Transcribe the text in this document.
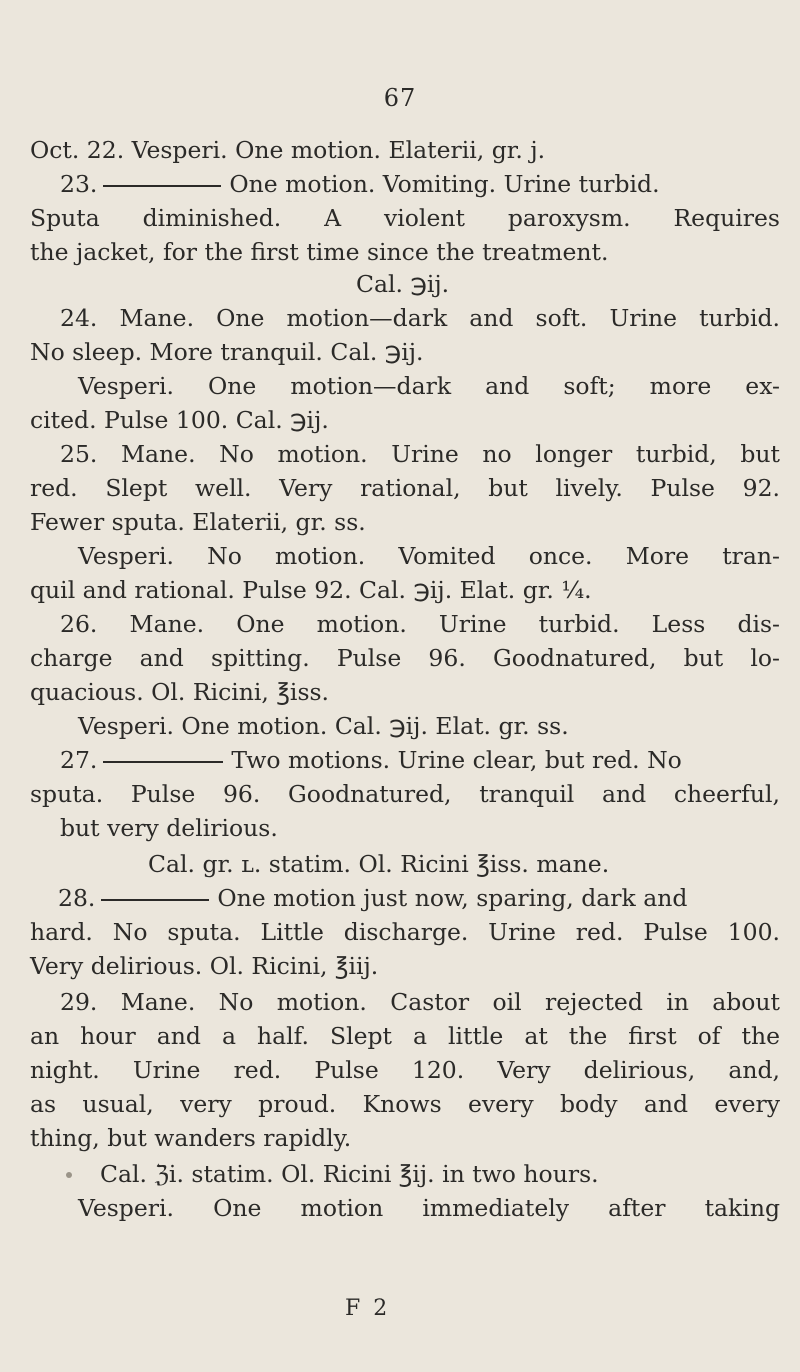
67
Oct. 22. Vesperi. One motion. Elaterii, gr. j.
23.	One motion. Vomiting. Urine turbid.
Sputa diminished. A violent paroxysm. Requires
the jacket, for the first time since the treatment.
Cal. ℈ij.
24. Mane. One motion—dark and soft. Urine turbid.
No sleep. More tranquil. Cal. ℈ij.
Vesperi. One motion—dark and soft; more ex-
cited. Pulse 100. Cal. ℈ij.
25. Mane. No motion. Urine no longer turbid, but
red. Slept well. Very rational, but lively. Pulse 92.
Fewer sputa. Elaterii, gr. ss.
Vesperi. No motion. Vomited once. More tran-
quil and rational. Pulse 92. Cal. ℈ij. Elat. gr. ¼.
26. Mane. One motion. Urine turbid. Less dis-
charge and spitting. Pulse 96. Goodnatured, but lo-
quacious. Ol. Ricini, ℥iss.
Vesperi. One motion. Cal. ℈ij. Elat. gr. ss.
27.	Two motions. Urine clear, but red. No
sputa. Pulse 96. Goodnatured, tranquil and cheerful,
but very delirious.
Cal. gr. ʟ. statim. Ol. Ricini ℥iss. mane.
28.	One motion just now, sparing, dark and
hard. No sputa. Little discharge. Urine red. Pulse 100.
Very delirious. Ol. Ricini, ℥iij.
29. Mane. No motion. Castor oil rejected in about
an hour and a half. Slept a little at the first of the
night. Urine red. Pulse 120. Very delirious, and,
as usual, very proud. Knows every body and every
thing, but wanders rapidly.
Cal. ℨi. statim. Ol. Ricini ℥ij. in two hours.
Vesperi. One motion immediately after taking
F 2
